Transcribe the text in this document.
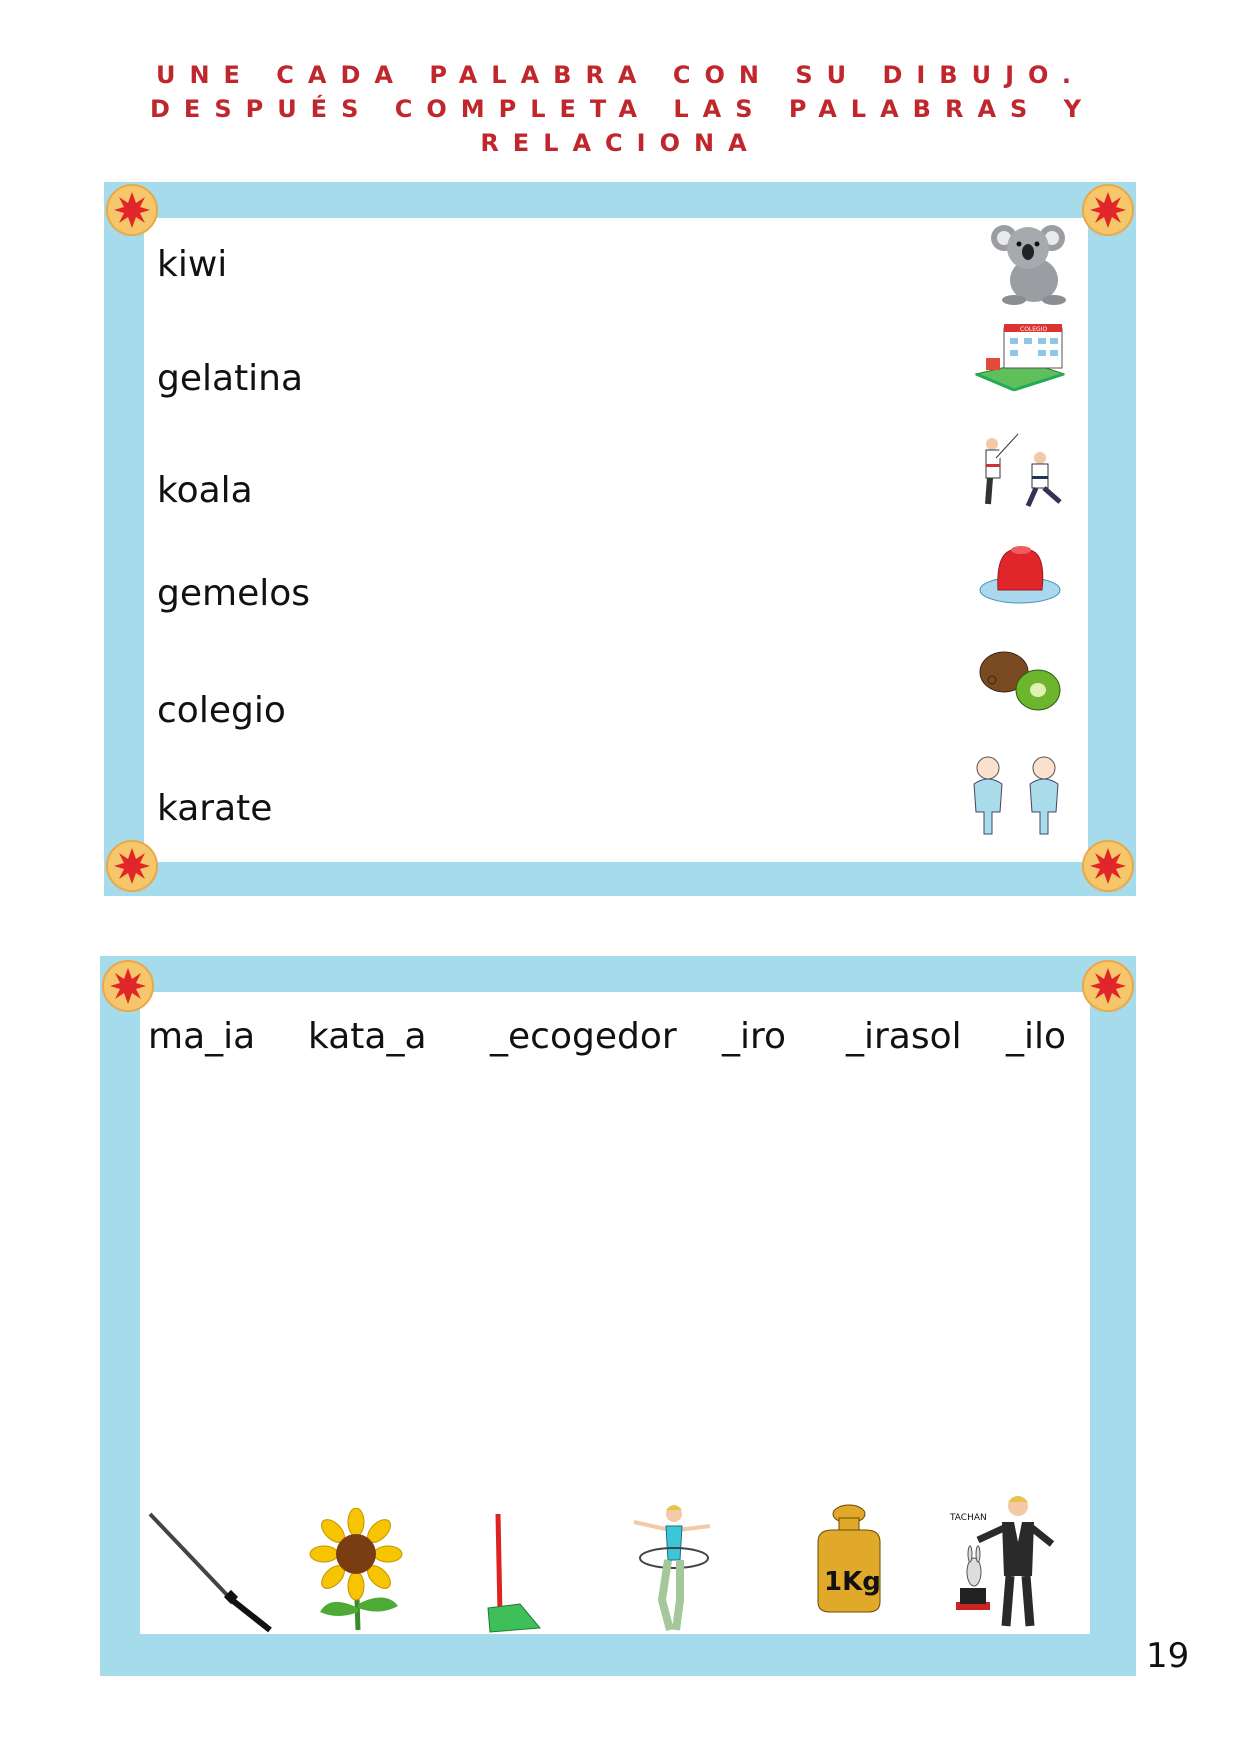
UNE CADA PALABRA CON SU DIBUJO.
DESPUÉS COMPLETA LAS PALABRAS Y
RELACIONA
kiwi
gelatina
koala
gemelos
colegio
karate
COLEGIO
ma_ia kata_a _ecogedor _iro _irasol _ilo
1Kg
TACHAN
19
